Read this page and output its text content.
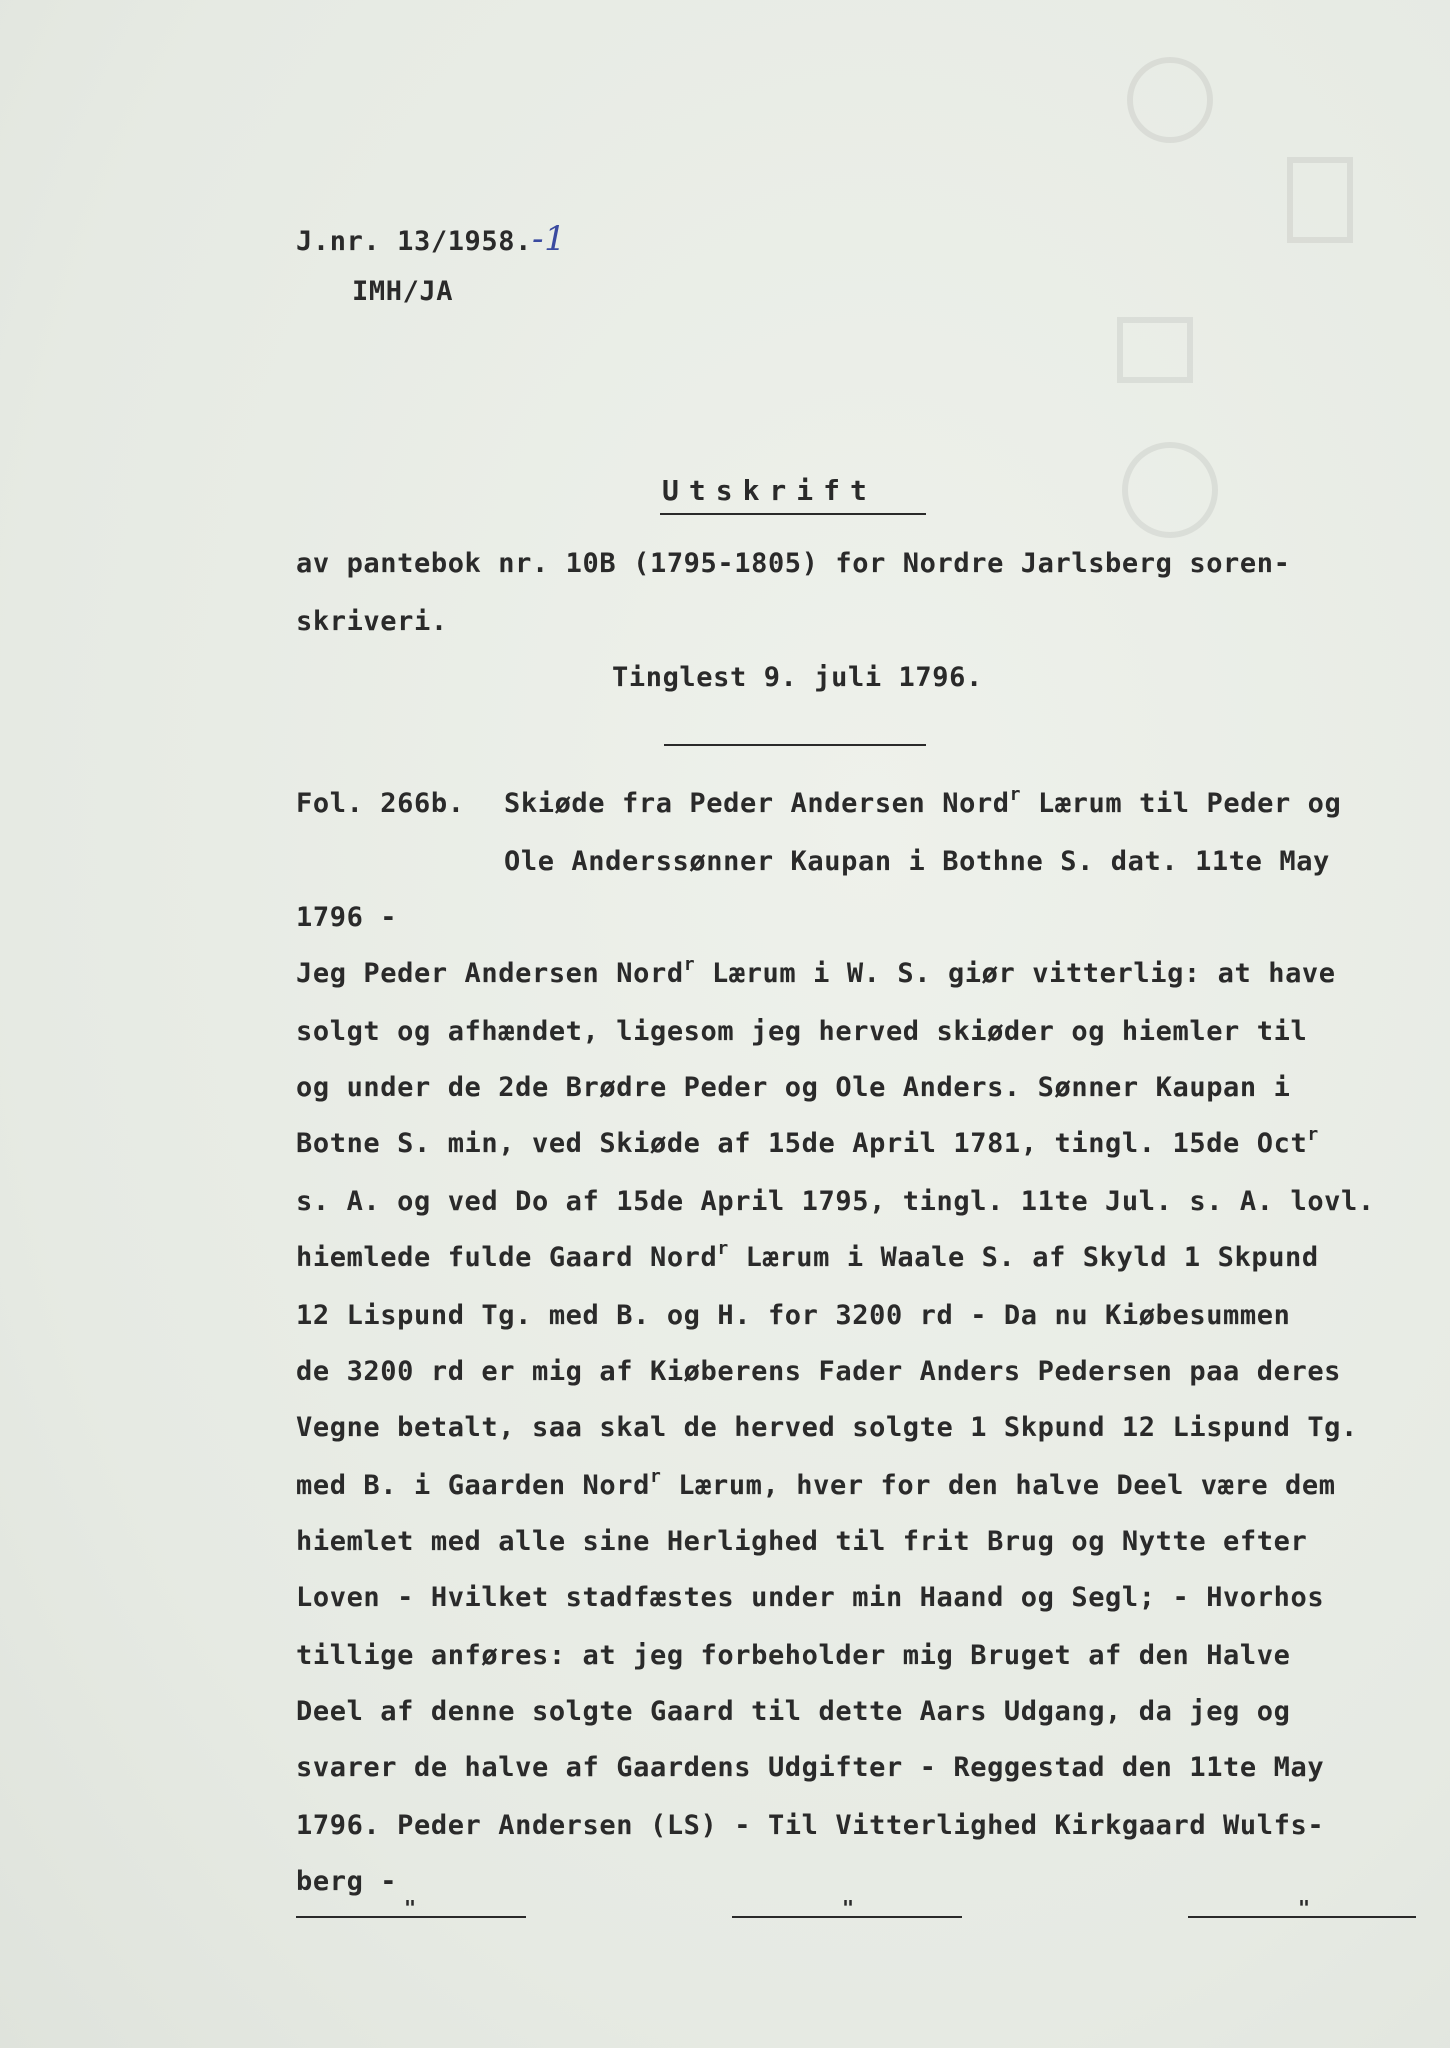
J.nr. 13/1958.-1
IMH/JA
Utskrift
av pantebok nr. 10B (1795-1805) for Nordre Jarlsberg soren-
skriveri.
Tinglest 9. juli 1796.
Fol. 266b. Skiøde fra Peder Andersen Nord$^r$ Lærum til Peder og
Ole Anderssønner Kaupan i Bothne S. dat. 11te May
1796 -
Jeg Peder Andersen Nord$^r$ Lærum i W. S. giør vitterlig: at have
solgt og afhændet, ligesom jeg herved skiøder og hiemler til
og under de 2de Brødre Peder og Ole Anders. Sønner Kaupan i
Botne S. min, ved Skiøde af 15de April 1781, tingl. 15de Oct$^r$
s. A. og ved Do af 15de April 1795, tingl. 11te Jul. s. A. lovl.
hiemlede fulde Gaard Nord$^r$ Lærum i Waale S. af Skyld 1 Skpund
12 Lispund Tg. med B. og H. for 3200 rd - Da nu Kiøbesummen
de 3200 rd er mig af Kiøberens Fader Anders Pedersen paa deres
Vegne betalt, saa skal de herved solgte 1 Skpund 12 Lispund Tg.
med B. i Gaarden Nord$^r$ Lærum, hver for den halve Deel være dem
hiemlet med alle sine Herlighed til frit Brug og Nytte efter
Loven - Hvilket stadfæstes under min Haand og Segl; - Hvorhos
tillige anføres: at jeg forbeholder mig Bruget af den Halve
Deel af denne solgte Gaard til dette Aars Udgang, da jeg og
svarer de halve af Gaardens Udgifter - Reggestad den 11te May
1796. Peder Andersen (LS) - Til Vitterlighed Kirkgaard Wulfs-
berg -
"	"	"
